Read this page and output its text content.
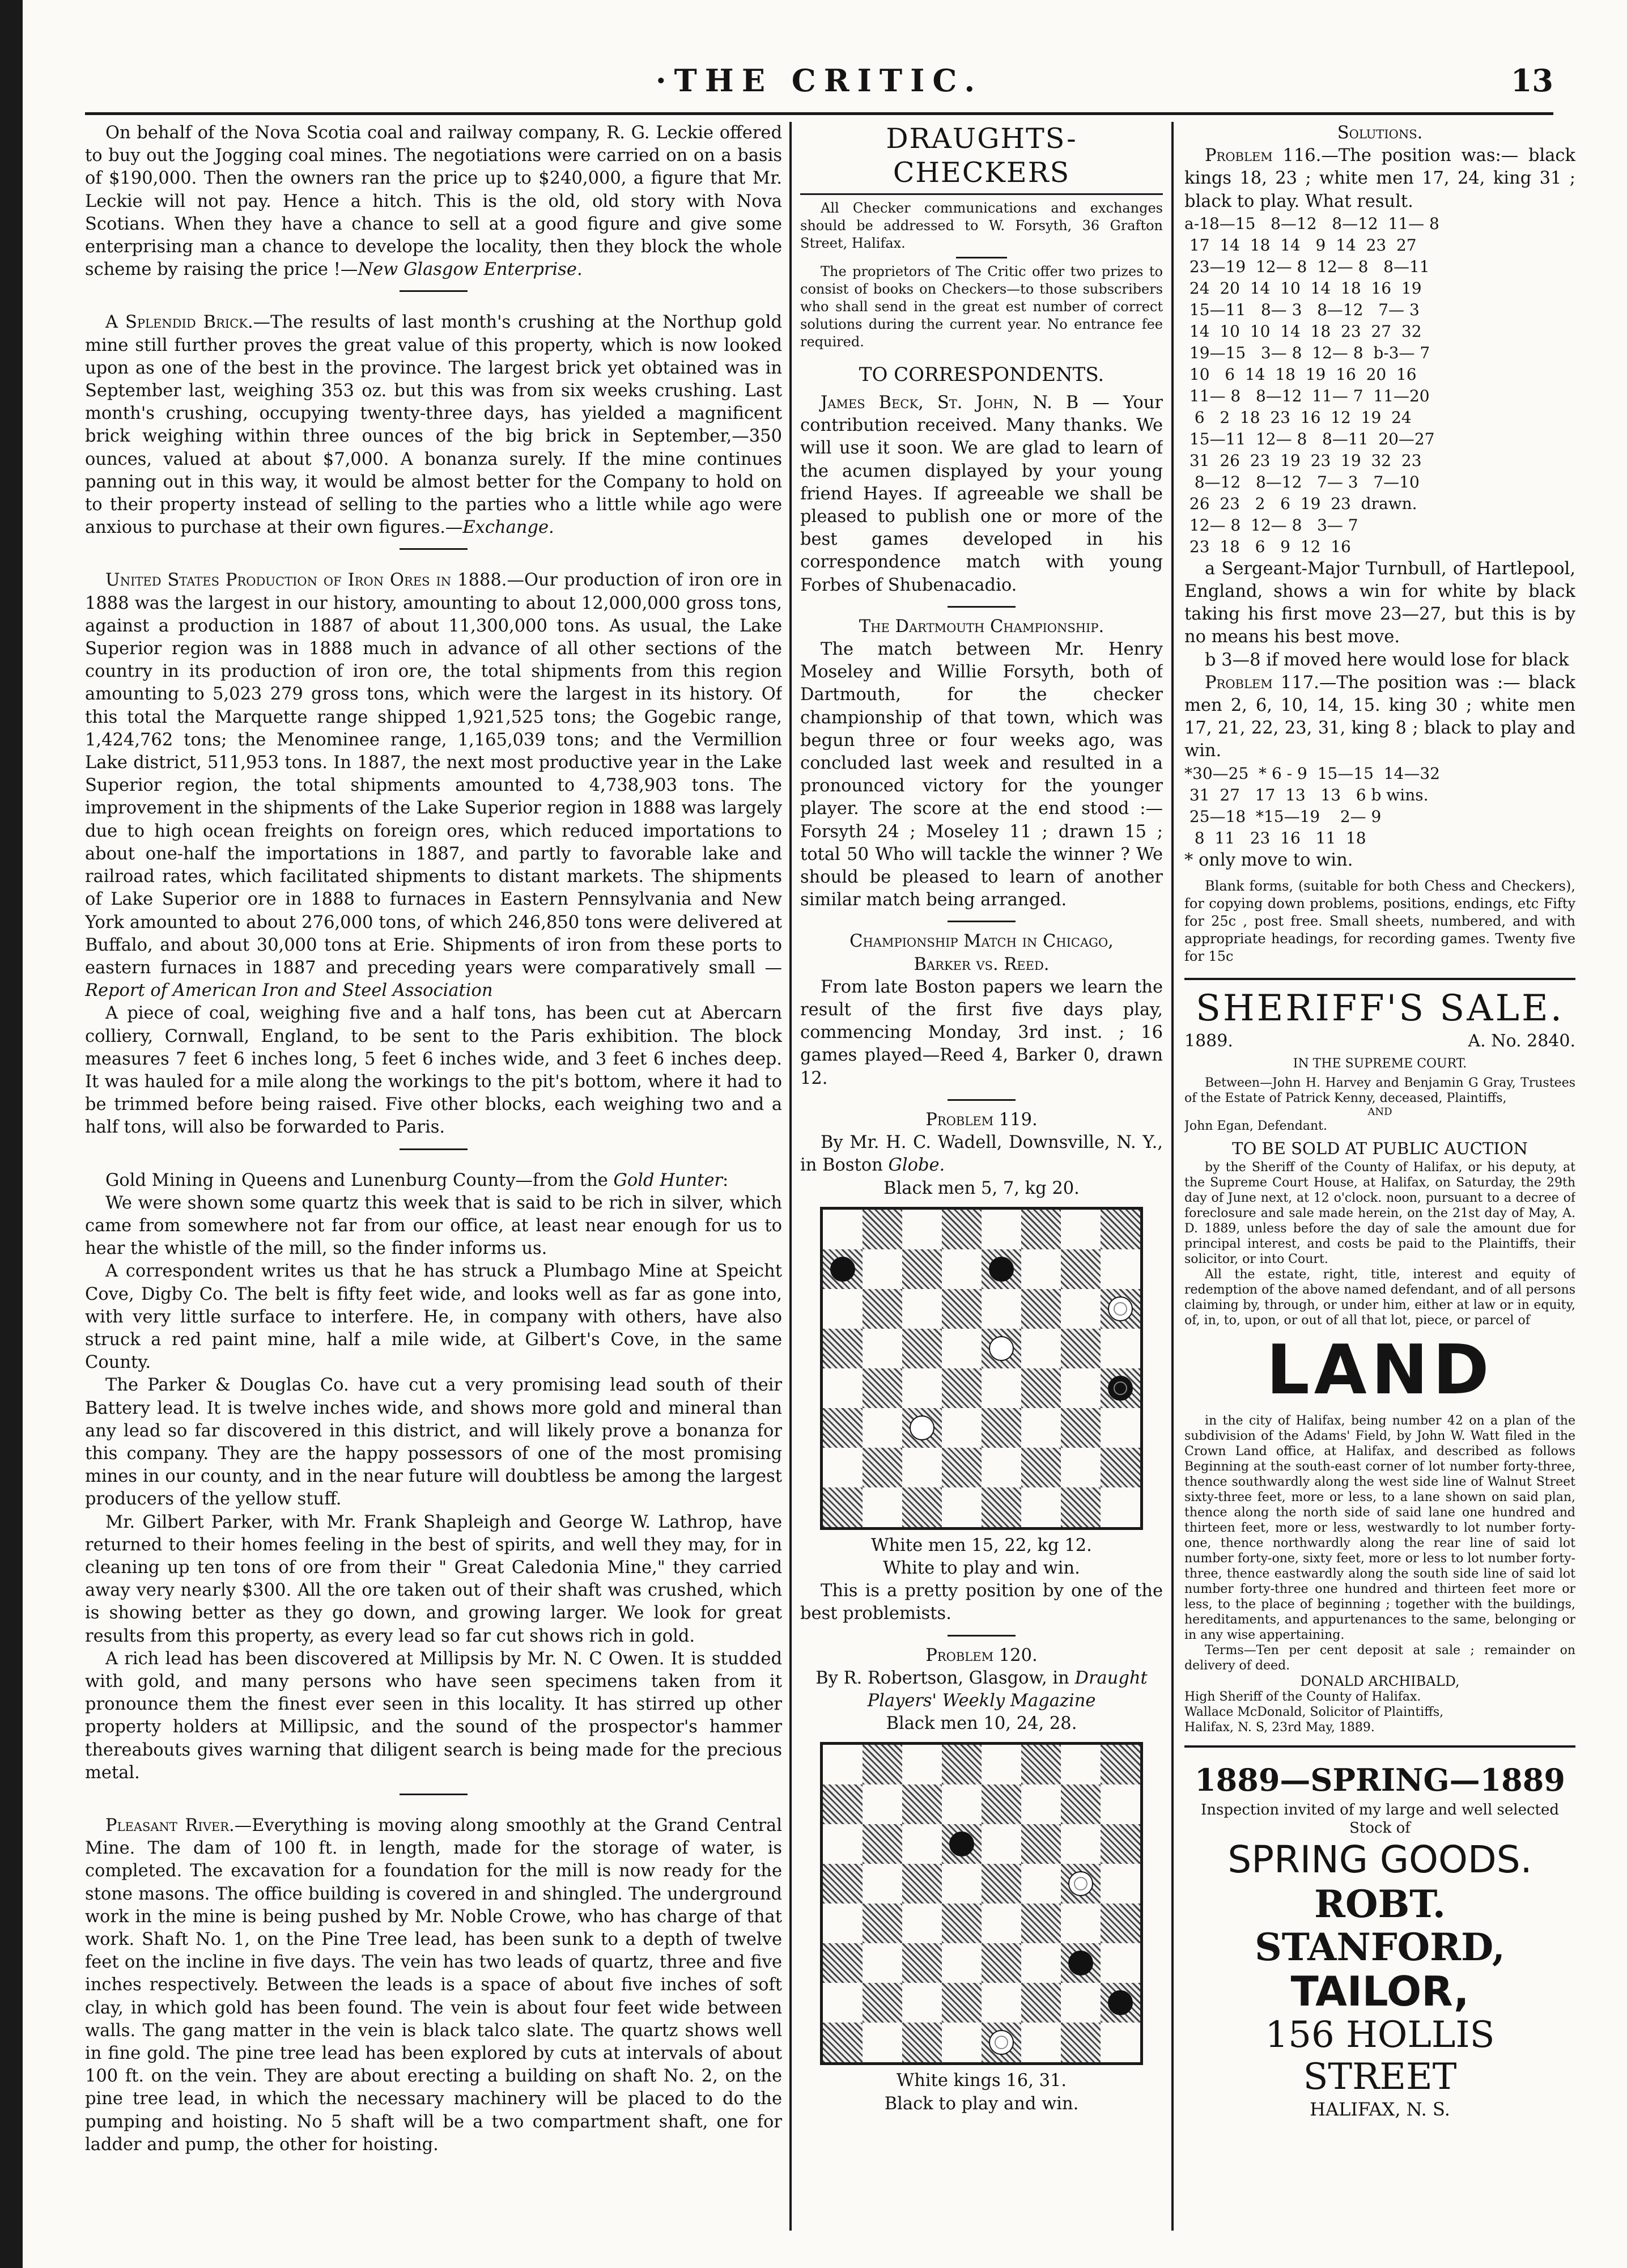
·THE CRITIC.	13

On behalf of the Nova Scotia coal and railway company, R. G. Leckie offered to buy out the Jogging coal mines. The negotiations were carried on on a basis of $190,000. Then the owners ran the price up to $240,000, a figure that Mr. Leckie will not pay. Hence a hitch. This is the old, old story with Nova Scotians. When they have a chance to sell at a good figure and give some enterprising man a chance to develope the locality, then they block the whole scheme by raising the price !—New Glasgow Enterprise.

A Splendid Brick.—The results of last month's crushing at the Northup gold mine still further proves the great value of this property, which is now looked upon as one of the best in the province. The largest brick yet obtained was in September last, weighing 353 oz. but this was from six weeks crushing. Last month's crushing, occupying twenty-three days, has yielded a magnificent brick weighing within three ounces of the big brick in September,—350 ounces, valued at about $7,000. A bonanza surely. If the mine continues panning out in this way, it would be almost better for the Company to hold on to their property instead of selling to the parties who a little while ago were anxious to purchase at their own figures.—Exchange.

United States Production of Iron Ores in 1888.—Our production of iron ore in 1888 was the largest in our history, amounting to about 12,000,000 gross tons, against a production in 1887 of about 11,300,000 tons. As usual, the Lake Superior region was in 1888 much in advance of all other sections of the country in its production of iron ore, the total shipments from this region amounting to 5,023 279 gross tons, which were the largest in its history. Of this total the Marquette range shipped 1,921,525 tons; the Gogebic range, 1,424,762 tons; the Menominee range, 1,165,039 tons; and the Vermillion Lake district, 511,953 tons. In 1887, the next most productive year in the Lake Superior region, the total shipments amounted to 4,738,903 tons. The improvement in the shipments of the Lake Superior region in 1888 was largely due to high ocean freights on foreign ores, which reduced importations to about one-half the importations in 1887, and partly to favorable lake and railroad rates, which facilitated shipments to distant markets. The shipments of Lake Superior ore in 1888 to furnaces in Eastern Pennsylvania and New York amounted to about 276,000 tons, of which 246,850 tons were delivered at Buffalo, and about 30,000 tons at Erie. Shipments of iron from these ports to eastern furnaces in 1887 and preceding years were comparatively small —Report of American Iron and Steel Association

A piece of coal, weighing five and a half tons, has been cut at Abercarn colliery, Cornwall, England, to be sent to the Paris exhibition. The block measures 7 feet 6 inches long, 5 feet 6 inches wide, and 3 feet 6 inches deep. It was hauled for a mile along the workings to the pit's bottom, where it had to be trimmed before being raised. Five other blocks, each weighing two and a half tons, will also be forwarded to Paris.

Gold Mining in Queens and Lunenburg County—from the Gold Hunter:

We were shown some quartz this week that is said to be rich in silver, which came from somewhere not far from our office, at least near enough for us to hear the whistle of the mill, so the finder informs us.

A correspondent writes us that he has struck a Plumbago Mine at Speicht Cove, Digby Co. The belt is fifty feet wide, and looks well as far as gone into, with very little surface to interfere. He, in company with others, have also struck a red paint mine, half a mile wide, at Gilbert's Cove, in the same County.

The Parker & Douglas Co. have cut a very promising lead south of their Battery lead. It is twelve inches wide, and shows more gold and mineral than any lead so far discovered in this district, and will likely prove a bonanza for this company. They are the happy possessors of one of the most promising mines in our county, and in the near future will doubtless be among the largest producers of the yellow stuff.

Mr. Gilbert Parker, with Mr. Frank Shapleigh and George W. Lathrop, have returned to their homes feeling in the best of spirits, and well they may, for in cleaning up ten tons of ore from their " Great Caledonia Mine," they carried away very nearly $300. All the ore taken out of their shaft was crushed, which is showing better as they go down, and growing larger. We look for great results from this property, as every lead so far cut shows rich in gold.

A rich lead has been discovered at Millipsis by Mr. N. C Owen. It is studded with gold, and many persons who have seen specimens taken from it pronounce them the finest ever seen in this locality. It has stirred up other property holders at Millipsic, and the sound of the prospector's hammer thereabouts gives warning that diligent search is being made for the precious metal.

Pleasant River.—Everything is moving along smoothly at the Grand Central Mine. The dam of 100 ft. in length, made for the storage of water, is completed. The excavation for a foundation for the mill is now ready for the stone masons. The office building is covered in and shingled. The underground work in the mine is being pushed by Mr. Noble Crowe, who has charge of that work. Shaft No. 1, on the Pine Tree lead, has been sunk to a depth of twelve feet on the incline in five days. The vein has two leads of quartz, three and five inches respectively. Between the leads is a space of about five inches of soft clay, in which gold has been found. The vein is about four feet wide between walls. The gang matter in the vein is black talco slate. The quartz shows well in fine gold. The pine tree lead has been explored by cuts at intervals of about 100 ft. on the vein. They are about erecting a building on shaft No. 2, on the pine tree lead, in which the necessary machinery will be placed to do the pumping and hoisting. No 5 shaft will be a two compartment shaft, one for ladder and pump, the other for hoisting.

DRAUGHTS-CHECKERS

All Checker communications and exchanges should be addressed to W. Forsyth, 36 Grafton Street, Halifax.

The proprietors of The Critic offer two prizes to consist of books on Checkers—to those subscribers who shall send in the great est number of correct solutions during the current year. No entrance fee required.

TO CORRESPONDENTS.

James Beck, St. John, N. B — Your contribution received. Many thanks. We will use it soon. We are glad to learn of the acumen displayed by your young friend Hayes. If agreeable we shall be pleased to publish one or more of the best games developed in his correspondence match with young Forbes of Shubenacadio.

The Dartmouth Championship.

The match between Mr. Henry Moseley and Willie Forsyth, both of Dartmouth, for the checker championship of that town, which was begun three or four weeks ago, was concluded last week and resulted in a pronounced victory for the younger player. The score at the end stood :— Forsyth 24 ; Moseley 11 ; drawn 15 ; total 50 Who will tackle the winner ? We should be pleased to learn of another similar match being arranged.

Championship Match in Chicago,

Barker vs. Reed.

From late Boston papers we learn the result of the first five days play, commencing Monday, 3rd inst. ; 16 games played—Reed 4, Barker 0, drawn 12.

Problem 119.

By Mr. H. C. Wadell, Downsville, N. Y., in Boston Globe.

Black men 5, 7, kg 20.

White men 15, 22, kg 12.

White to play and win.

This is a pretty position by one of the best problemists.

Problem 120.

By R. Robertson, Glasgow, in Draught Players' Weekly Magazine

Black men 10, 24, 28.

White kings 16, 31.

Black to play and win.

Solutions.

Problem 116.—The position was:— black kings 18, 23 ; white men 17, 24, king 31 ; black to play. What result.

a-18—15   8—12   8—12  11— 8
17  14  18  14   9  14  23  27
23—19  12— 8  12— 8   8—11
24  20  14  10  14  18  16  19
15—11   8— 3   8—12   7— 3
14  10  10  14  18  23  27  32
19—15   3— 8  12— 8  b-3— 7
10   6  14  18  19  16  20  16
11— 8   8—12  11— 7  11—20
6   2  18  23  16  12  19  24
15—11  12— 8   8—11  20—27
31  26  23  19  23  19  32  23
8—12   8—12   7— 3   7—10
26  23   2   6  19  23  drawn.
12— 8  12— 8   3— 7
23  18   6   9  12  16

a Sergeant-Major Turnbull, of Hartlepool, England, shows a win for white by black taking his first move 23—27, but this is by no means his best move.

b 3—8 if moved here would lose for black

Problem 117.—The position was :— black men 2, 6, 10, 14, 15. king 30 ; white men 17, 21, 22, 23, 31, king 8 ; black to play and win.

*30—25  * 6 - 9  15—15  14—32
31  27   17  13   13   6 b wins.
25—18  *15—19    2— 9
8  11   23  16   11  18

* only move to win.

Blank forms, (suitable for both Chess and Checkers), for copying down problems, positions, endings, etc Fifty for 25c , post free. Small sheets, numbered, and with appropriate headings, for recording games. Twenty five for 15c

SHERIFF'S SALE.
1889.	A. No. 2840.

IN THE SUPREME COURT.

Between—John H. Harvey and Benjamin G Gray, Trustees of the Estate of Patrick Kenny, deceased, Plaintiffs,

AND

John Egan, Defendant.

TO BE SOLD AT PUBLIC AUCTION

by the Sheriff of the County of Halifax, or his deputy, at the Supreme Court House, at Halifax, on Saturday, the 29th day of June next, at 12 o'clock. noon, pursuant to a decree of foreclosure and sale made herein, on the 21st day of May, A. D. 1889, unless before the day of sale the amount due for principal interest, and costs be paid to the Plaintiffs, their solicitor, or into Court.

All the estate, right, title, interest and equity of redemption of the above named defendant, and of all persons claiming by, through, or under him, either at law or in equity, of, in, to, upon, or out of all that lot, piece, or parcel of

LAND

in the city of Halifax, being number 42 on a plan of the subdivision of the Adams' Field, by John W. Watt filed in the Crown Land office, at Halifax, and described as follows Beginning at the south-east corner of lot number forty-three, thence southwardly along the west side line of Walnut Street sixty-three feet, more or less, to a lane shown on said plan, thence along the north side of said lane one hundred and thirteen feet, more or less, westwardly to lot number forty-one, thence northwardly along the rear line of said lot number forty-one, sixty feet, more or less to lot number forty-three, thence eastwardly along the south side line of said lot number forty-three one hundred and thirteen feet more or less, to the place of beginning ; together with the buildings, hereditaments, and appurtenances to the same, belonging or in any wise appertaining.

Terms—Ten per cent deposit at sale ; remainder on delivery of deed.

DONALD ARCHIBALD,

High Sheriff of the County of Halifax.

Wallace McDonald, Solicitor of Plaintiffs,

Halifax, N. S, 23rd May, 1889.

1889—SPRING—1889

Inspection invited of my large and well selected Stock of

SPRING GOODS.
ROBT. STANFORD,
TAILOR,
156 HOLLIS STREET
HALIFAX, N. S.
